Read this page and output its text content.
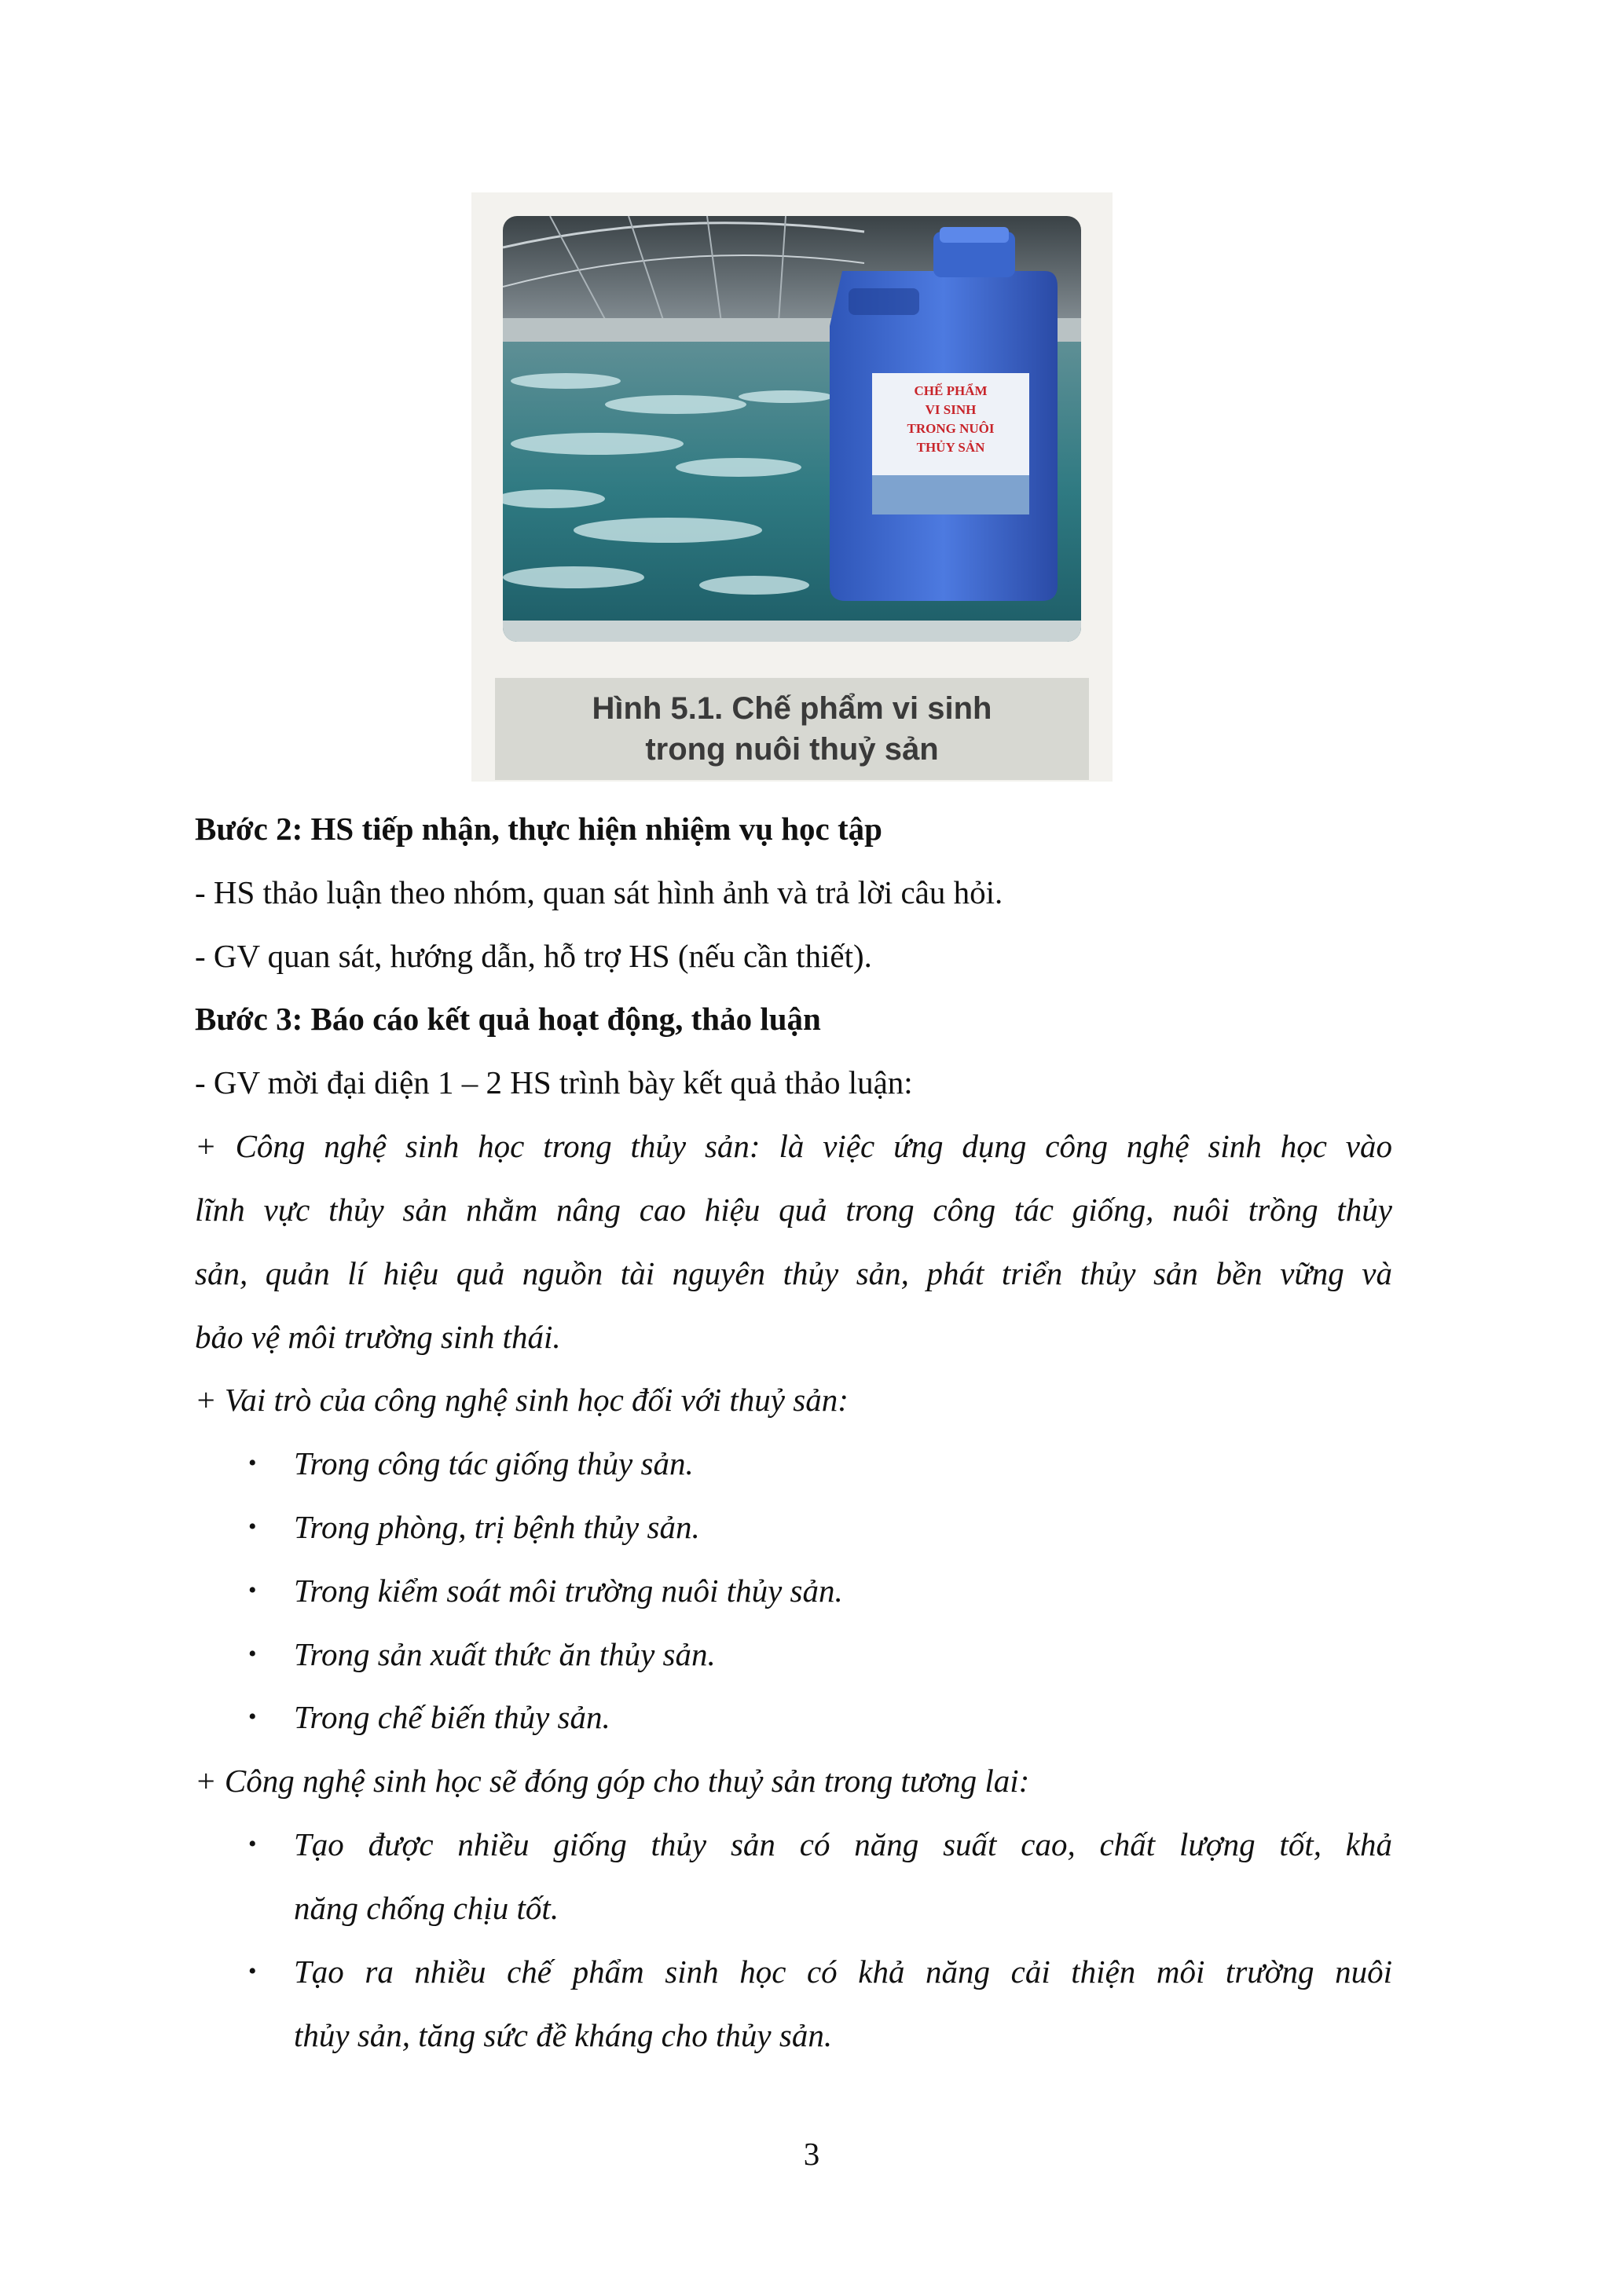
CHẾ PHẨM
VI SINH
TRONG NUÔI
THỦY SẢN
Hình 5.1. Chế phẩm vi sinh
trong nuôi thuỷ sản
Bước 2: HS tiếp nhận, thực hiện nhiệm vụ học tập
- HS thảo luận theo nhóm, quan sát hình ảnh và trả lời câu hỏi.
- GV quan sát, hướng dẫn, hỗ trợ HS (nếu cần thiết).
Bước 3: Báo cáo kết quả hoạt động, thảo luận
- GV mời đại diện 1 – 2 HS trình bày kết quả thảo luận:
+ Công nghệ sinh học trong thủy sản: là việc ứng dụng công nghệ sinh học vào
lĩnh vực thủy sản nhằm nâng cao hiệu quả trong công tác giống, nuôi trồng thủy
sản, quản lí hiệu quả nguồn tài nguyên thủy sản, phát triển thủy sản bền vững và
bảo vệ môi trường sinh thái.
+ Vai trò của công nghệ sinh học đối với thuỷ sản:
• Trong công tác giống thủy sản.
• Trong phòng, trị bệnh thủy sản.
• Trong kiểm soát môi trường nuôi thủy sản.
• Trong sản xuất thức ăn thủy sản.
• Trong chế biến thủy sản.
+ Công nghệ sinh học sẽ đóng góp cho thuỷ sản trong tương lai:
• Tạo được nhiều giống thủy sản có năng suất cao, chất lượng tốt, khả
năng chống chịu tốt.
• Tạo ra nhiều chế phẩm sinh học có khả năng cải thiện môi trường nuôi
thủy sản, tăng sức đề kháng cho thủy sản.
3
